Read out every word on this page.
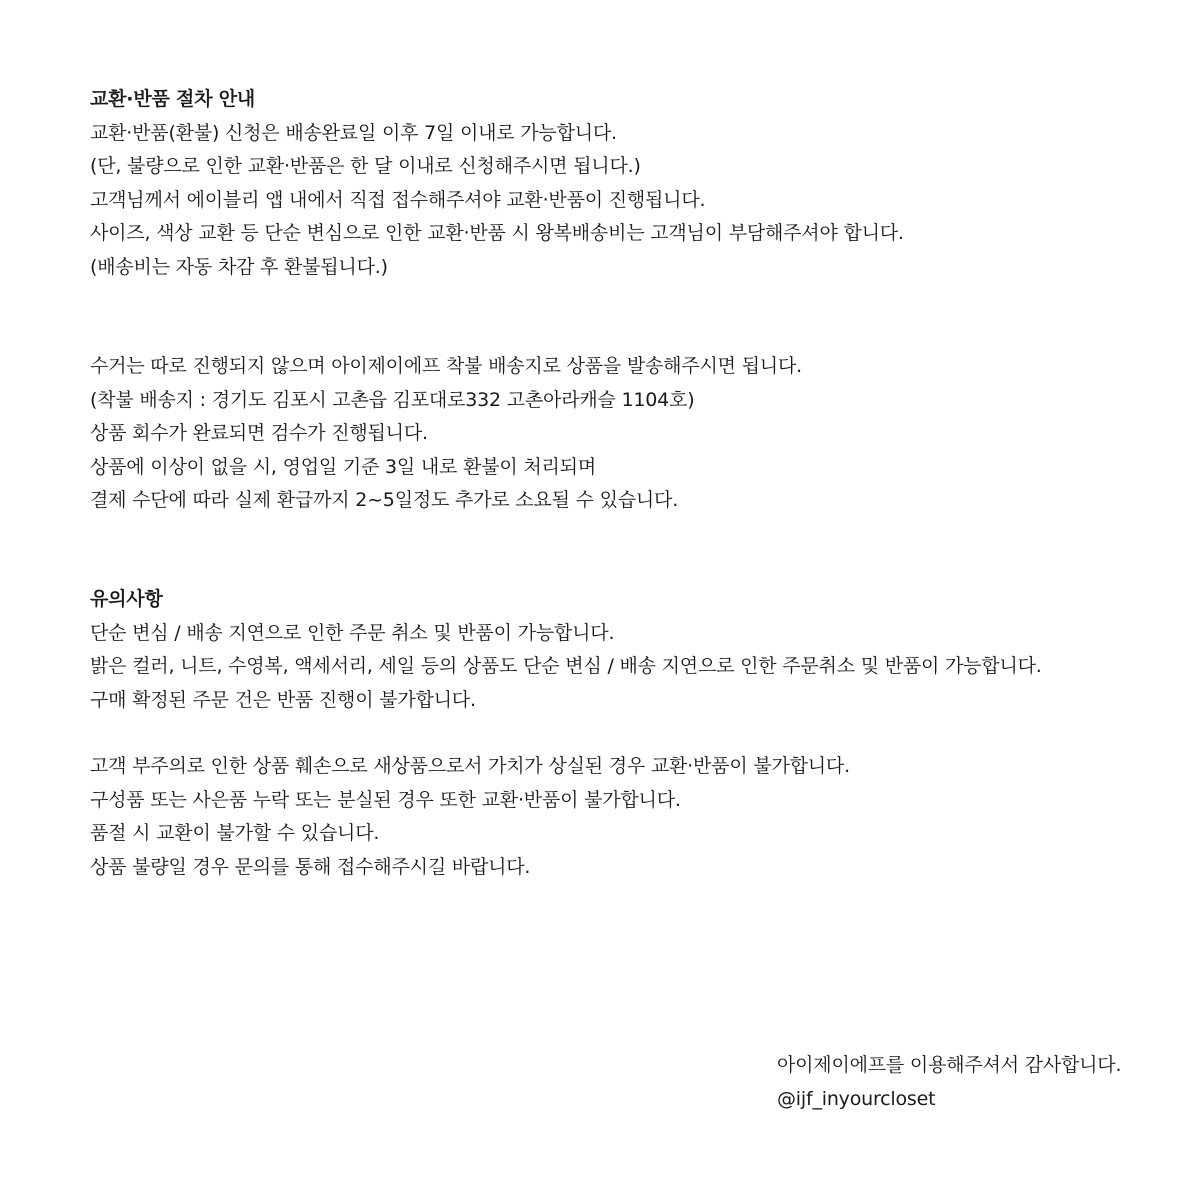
교환·반품 절차 안내
교환·반품(환불) 신청은 배송완료일 이후 7일 이내로 가능합니다.
(단, 불량으로 인한 교환·반품은 한 달 이내로 신청해주시면 됩니다.)
고객님께서 에이블리 앱 내에서 직접 접수해주셔야 교환·반품이 진행됩니다.
사이즈, 색상 교환 등 단순 변심으로 인한 교환·반품 시 왕복배송비는 고객님이 부담해주셔야 합니다.
(배송비는 자동 차감 후 환불됩니다.)
수거는 따로 진행되지 않으며 아이제이에프 착불 배송지로 상품을 발송해주시면 됩니다.
(착불 배송지 : 경기도 김포시 고촌읍 김포대로332 고촌아라캐슬 1104호)
상품 회수가 완료되면 검수가 진행됩니다.
상품에 이상이 없을 시, 영업일 기준 3일 내로 환불이 처리되며
결제 수단에 따라 실제 환급까지 2~5일정도 추가로 소요될 수 있습니다.
유의사항
단순 변심 / 배송 지연으로 인한 주문 취소 및 반품이 가능합니다.
밝은 컬러, 니트, 수영복, 액세서리, 세일 등의 상품도 단순 변심 / 배송 지연으로 인한 주문취소 및 반품이 가능합니다.
구매 확정된 주문 건은 반품 진행이 불가합니다.
고객 부주의로 인한 상품 훼손으로 새상품으로서 가치가 상실된 경우 교환·반품이 불가합니다.
구성품 또는 사은품 누락 또는 분실된 경우 또한 교환·반품이 불가합니다.
품절 시 교환이 불가할 수 있습니다.
상품 불량일 경우 문의를 통해 접수해주시길 바랍니다.
아이제이에프를 이용해주셔서 감사합니다.
@ijf_inyourcloset
